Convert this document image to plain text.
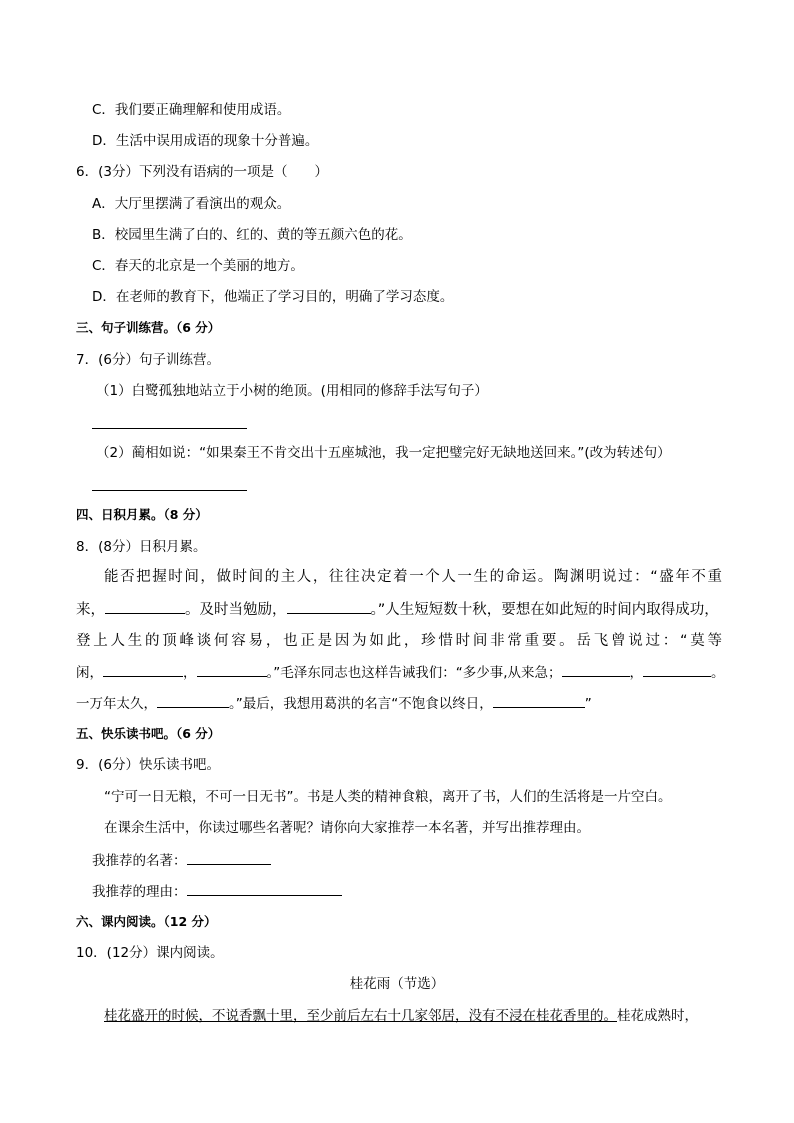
C．我们要正确理解和使用成语。
D．生活中误用成语的现象十分普遍。
6．(3分）下列没有语病的一项是（　　）
A．大厅里摆满了看演出的观众。
B．校园里生满了白的、红的、黄的等五颜六色的花。
C．春天的北京是一个美丽的地方。
D．在老师的教育下，他端正了学习目的，明确了学习态度。
三、句子训练营。（6 分）
7．(6分）句子训练营。
（1）白鹭孤独地站立于小树的绝顶。(用相同的修辞手法写句子）
（2）蔺相如说：“如果秦王不肯交出十五座城池，我一定把璧完好无缺地送回来。”(改为转述句）
四、日积月累。（8 分）
8．(8分）日积月累。
能否把握时间，做时间的主人，往往决定着一个人一生的命运。陶渊明说过：“盛年不重
来，	。及时当勉励，	。”人生短短数十秋，要想在如此短的时间内取得成功，
登上人生的顶峰谈何容易，也正是因为如此，珍惜时间非常重要。岳飞曾说过：“莫等
闲，	，	。”毛泽东同志也这样告诫我们：“多少事,从来急；	，	。
一万年太久，	。”最后，我想用葛洪的名言“不饱食以终日，	”
五、快乐读书吧。（6 分）
9．(6分）快乐读书吧。
“宁可一日无粮，不可一日无书”。书是人类的精神食粮，离开了书，人们的生活将是一片空白。
在课余生活中，你读过哪些名著呢？请你向大家推荐一本名著，并写出推荐理由。
我推荐的名著：
我推荐的理由：
六、课内阅读。（12 分）
10．(12分）课内阅读。
桂花雨（节选）
桂花盛开的时候，不说香飘十里，至少前后左右十几家邻居，没有不浸在桂花香里的。桂花成熟时，
